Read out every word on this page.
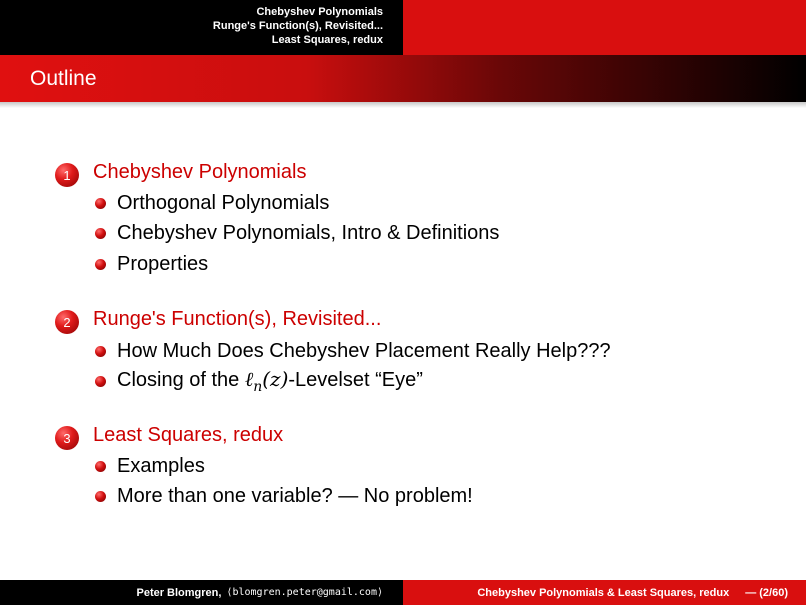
Chebyshev Polynomials
Runge's Function(s), Revisited...
Least Squares, redux
Outline
1	Chebyshev Polynomials
Orthogonal Polynomials
Chebyshev Polynomials, Intro & Definitions
Properties
2	Runge's Function(s), Revisited...
How Much Does Chebyshev Placement Really Help???
Closing of the ℓ$_n$(z)-Levelset “Eye”
3	Least Squares, redux
Examples
More than one variable? — No problem!
Peter Blomgren, ⟨blomgren.peter@gmail.com⟩	Chebyshev Polynomials & Least Squares, redux — (2/60)
